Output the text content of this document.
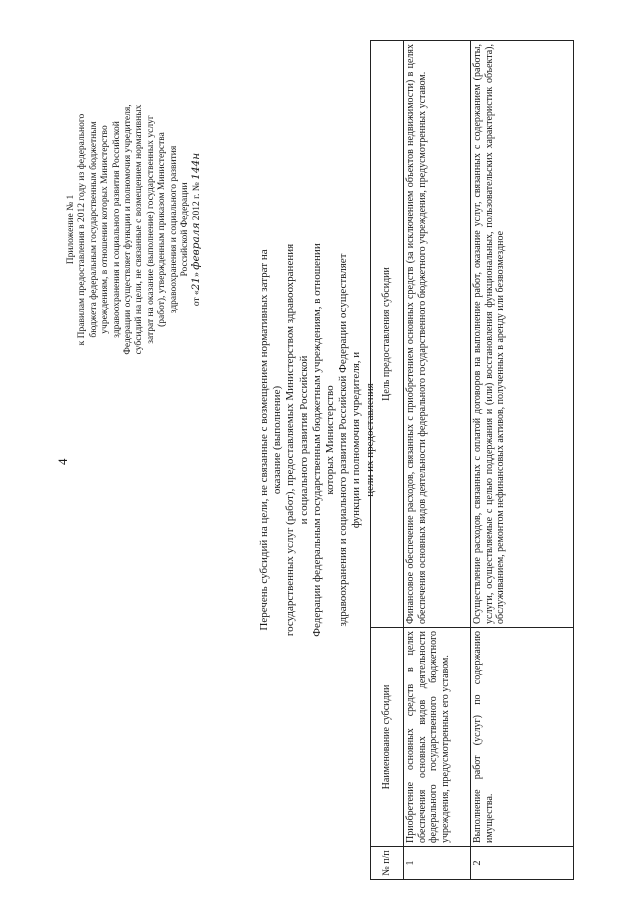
4
Приложение № 1 к Правилам предоставления в 2012 году из федерального бюджета федеральным государственным бюджетным учреждениям, в отношении которых Министерство здравоохранения и социального развития Российской Федерации осуществляет функции и полномочия учредителя, субсидий на цели, не связанные с возмещением нормативных затрат на оказание (выполнение) государственных услуг (работ), утвержденным приказом Министерства здравоохранения и социального развития Российской Федерации
от «21» февраля 2012 г. № 144н
Перечень субсидий на цели, не связанные с возмещением нормативных затрат на оказание (выполнение) государственных услуг (работ), предоставляемых Министерством здравоохранения и социального развития Российской Федерации федеральным государственным бюджетным учреждениям, в отношении которых Министерство здравоохранения и социального развития Российской Федерации осуществляет функции и полномочия учредителя, и цели их предоставления
№ п/п	Наименование субсидии	Цель предоставления субсидии
1	Приобретение основных средств в целях обеспечения основных видов деятельности федерального государственного бюджетного учреждения, предусмотренных его уставом.	Финансовое обеспечение расходов, связанных с приобретением основных средств (за исключением объектов недвижимости) в целях обеспечения основных видов деятельности федерального государственного бюджетного учреждения, предусмотренных уставом.
2	Выполнение работ (услуг) по содержанию имущества.	Осуществление расходов, связанных с оплатой договоров на выполнение работ, оказание услуг, связанных с содержанием (работы, услуги, осуществляемые с целью поддержания и (или) восстановления функциональных, пользовательских характеристик объекта), обслуживанием, ремонтом нефинансовых активов, полученных в аренду или безвозмездное
